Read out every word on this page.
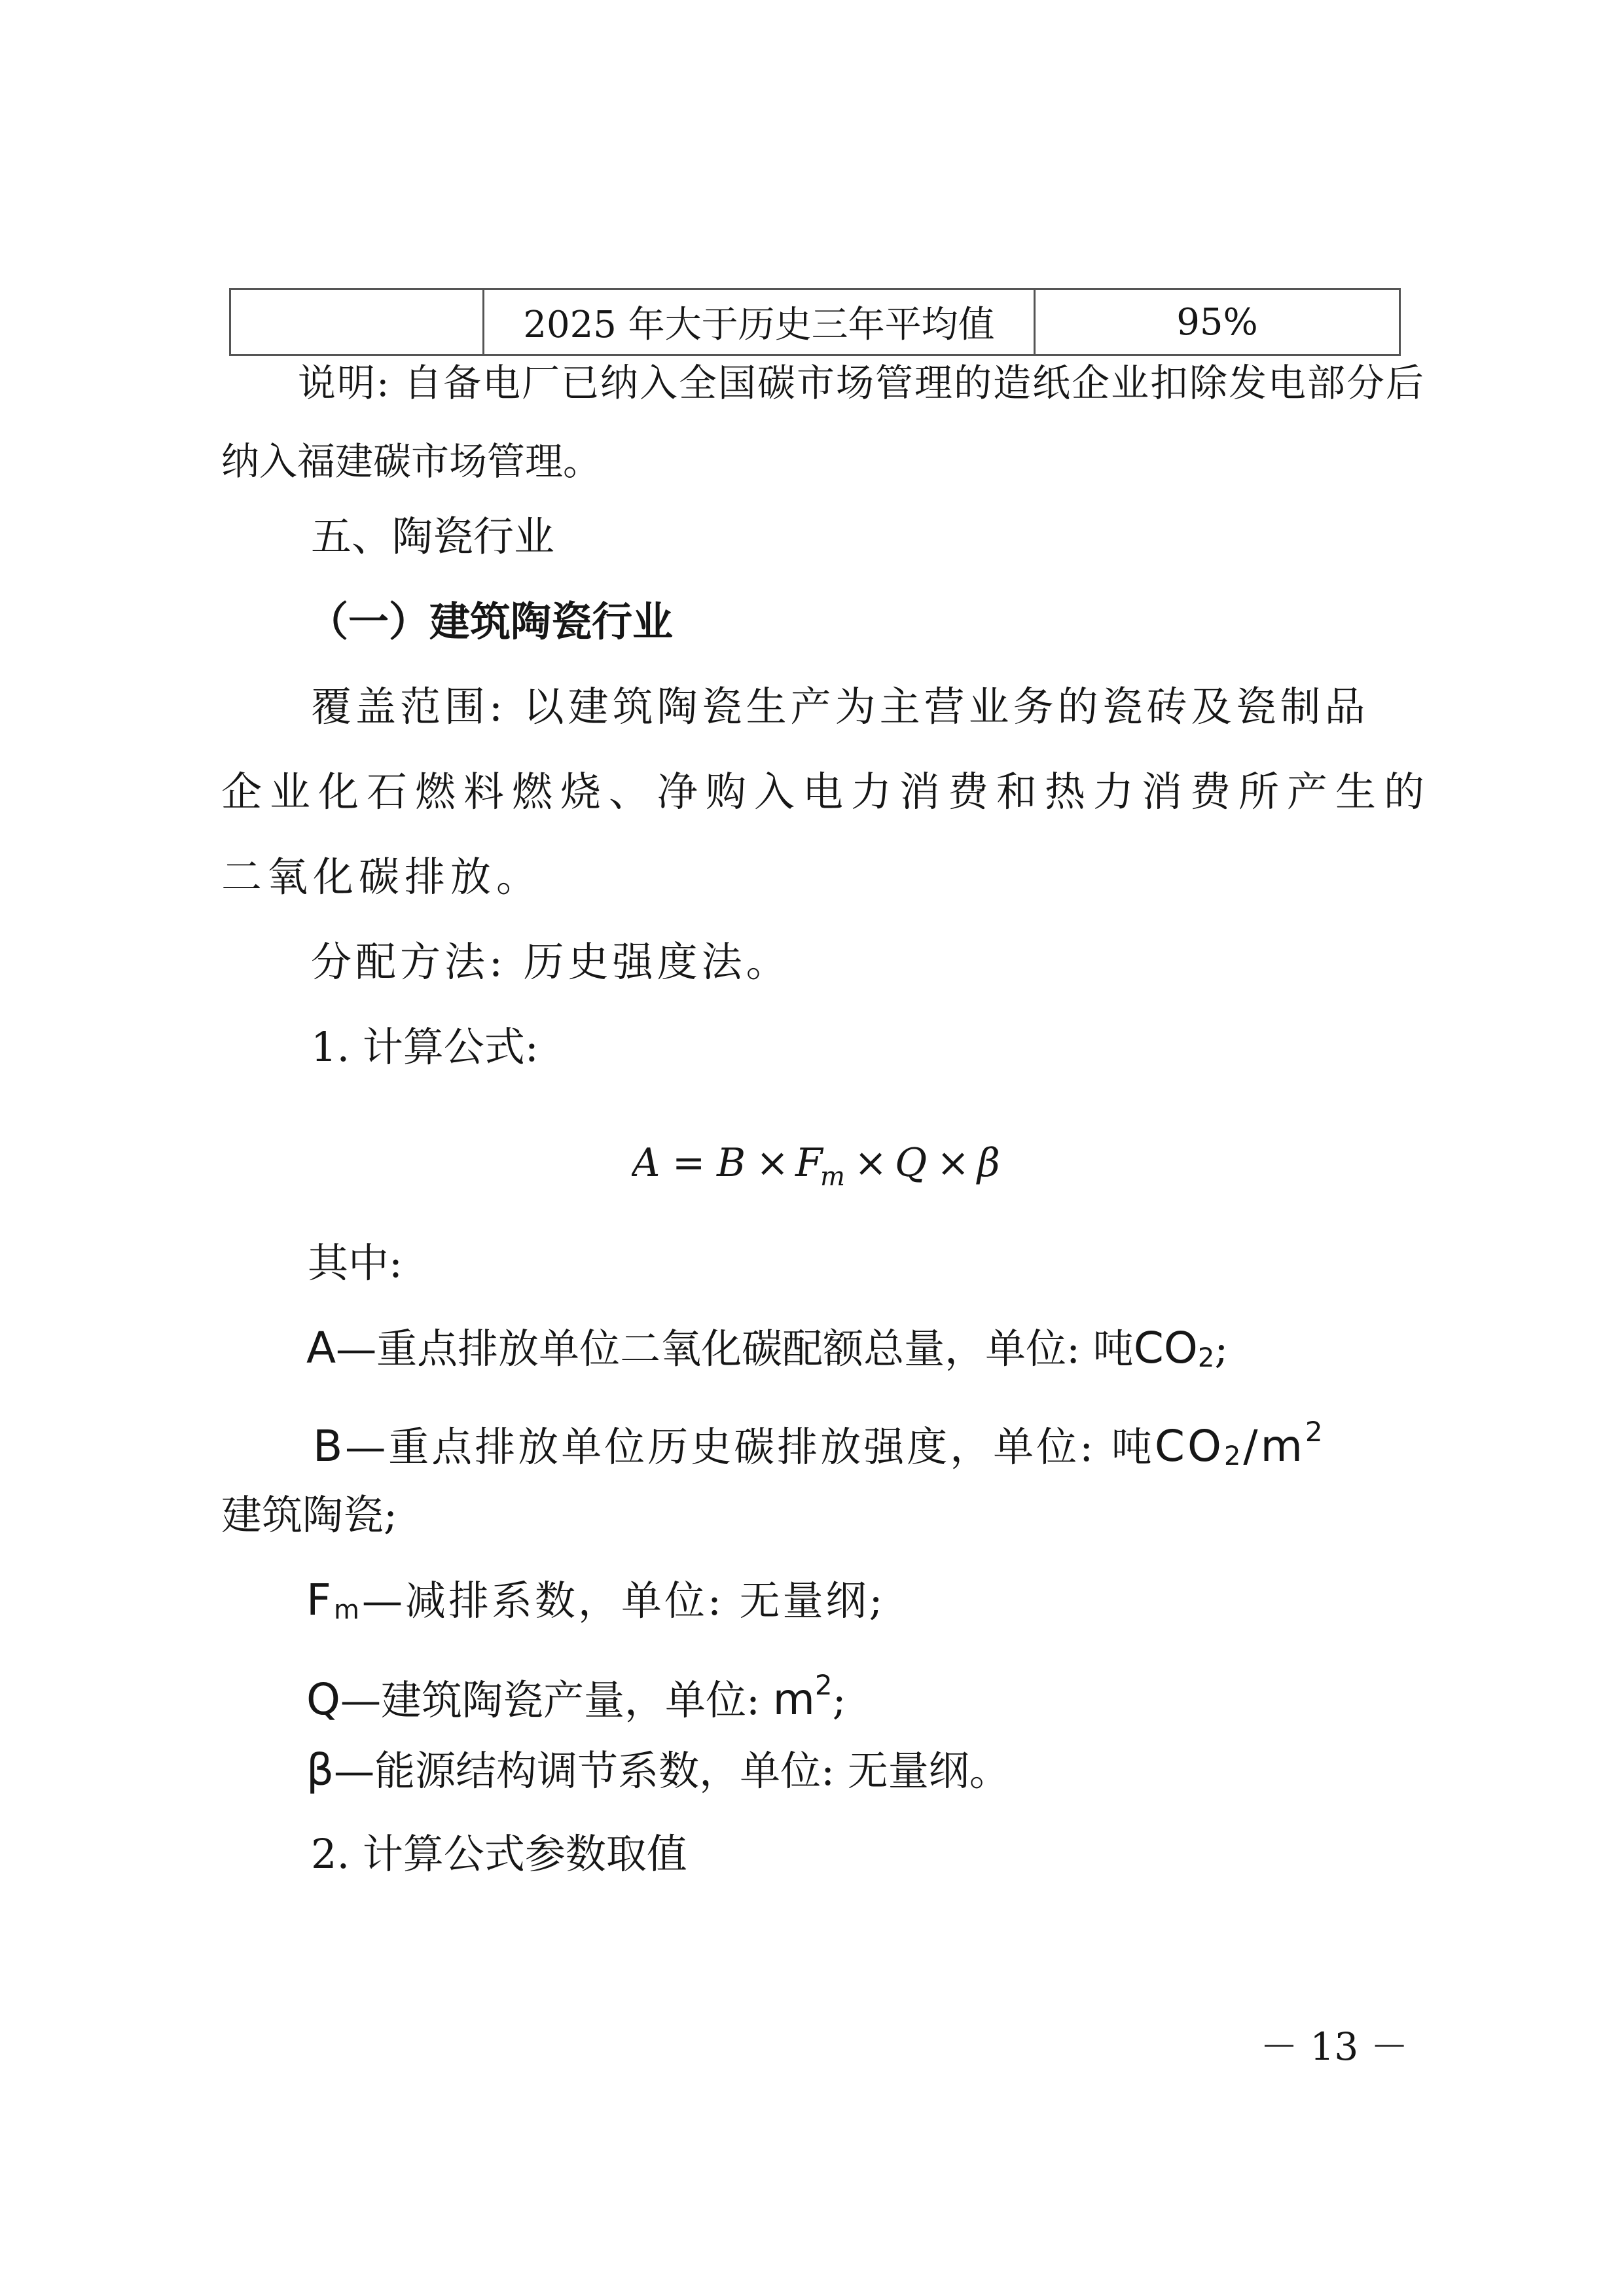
	2025 年大于历史三年平均值	95%
说明: 自备电厂已纳入全国碳市场管理的造纸企业扣除发电部分后
纳入福建碳市场管理。
五、陶瓷行业
（一）建筑陶瓷行业
覆盖范围: 以建筑陶瓷生产为主营业务的瓷砖及瓷制品
企业化石燃料燃烧、净购入电力消费和热力消费所产生的
二氧化碳排放。
分配方法: 历史强度法。
1. 计算公式:
A = B × F
m × Q × β
其中:
A—重点排放单位二氧化碳配额总量，单位: 吨CO2;
B—重点排放单位历史碳排放强度，单位: 吨$CO2/m^2$
建筑陶瓷;
Fm—减排系数，单位: 无量纲;
Q—建筑陶瓷产量，单位: $m^2$;
β—能源结构调节系数，单位: 无量纲。
2. 计算公式参数取值
－ 13 －
